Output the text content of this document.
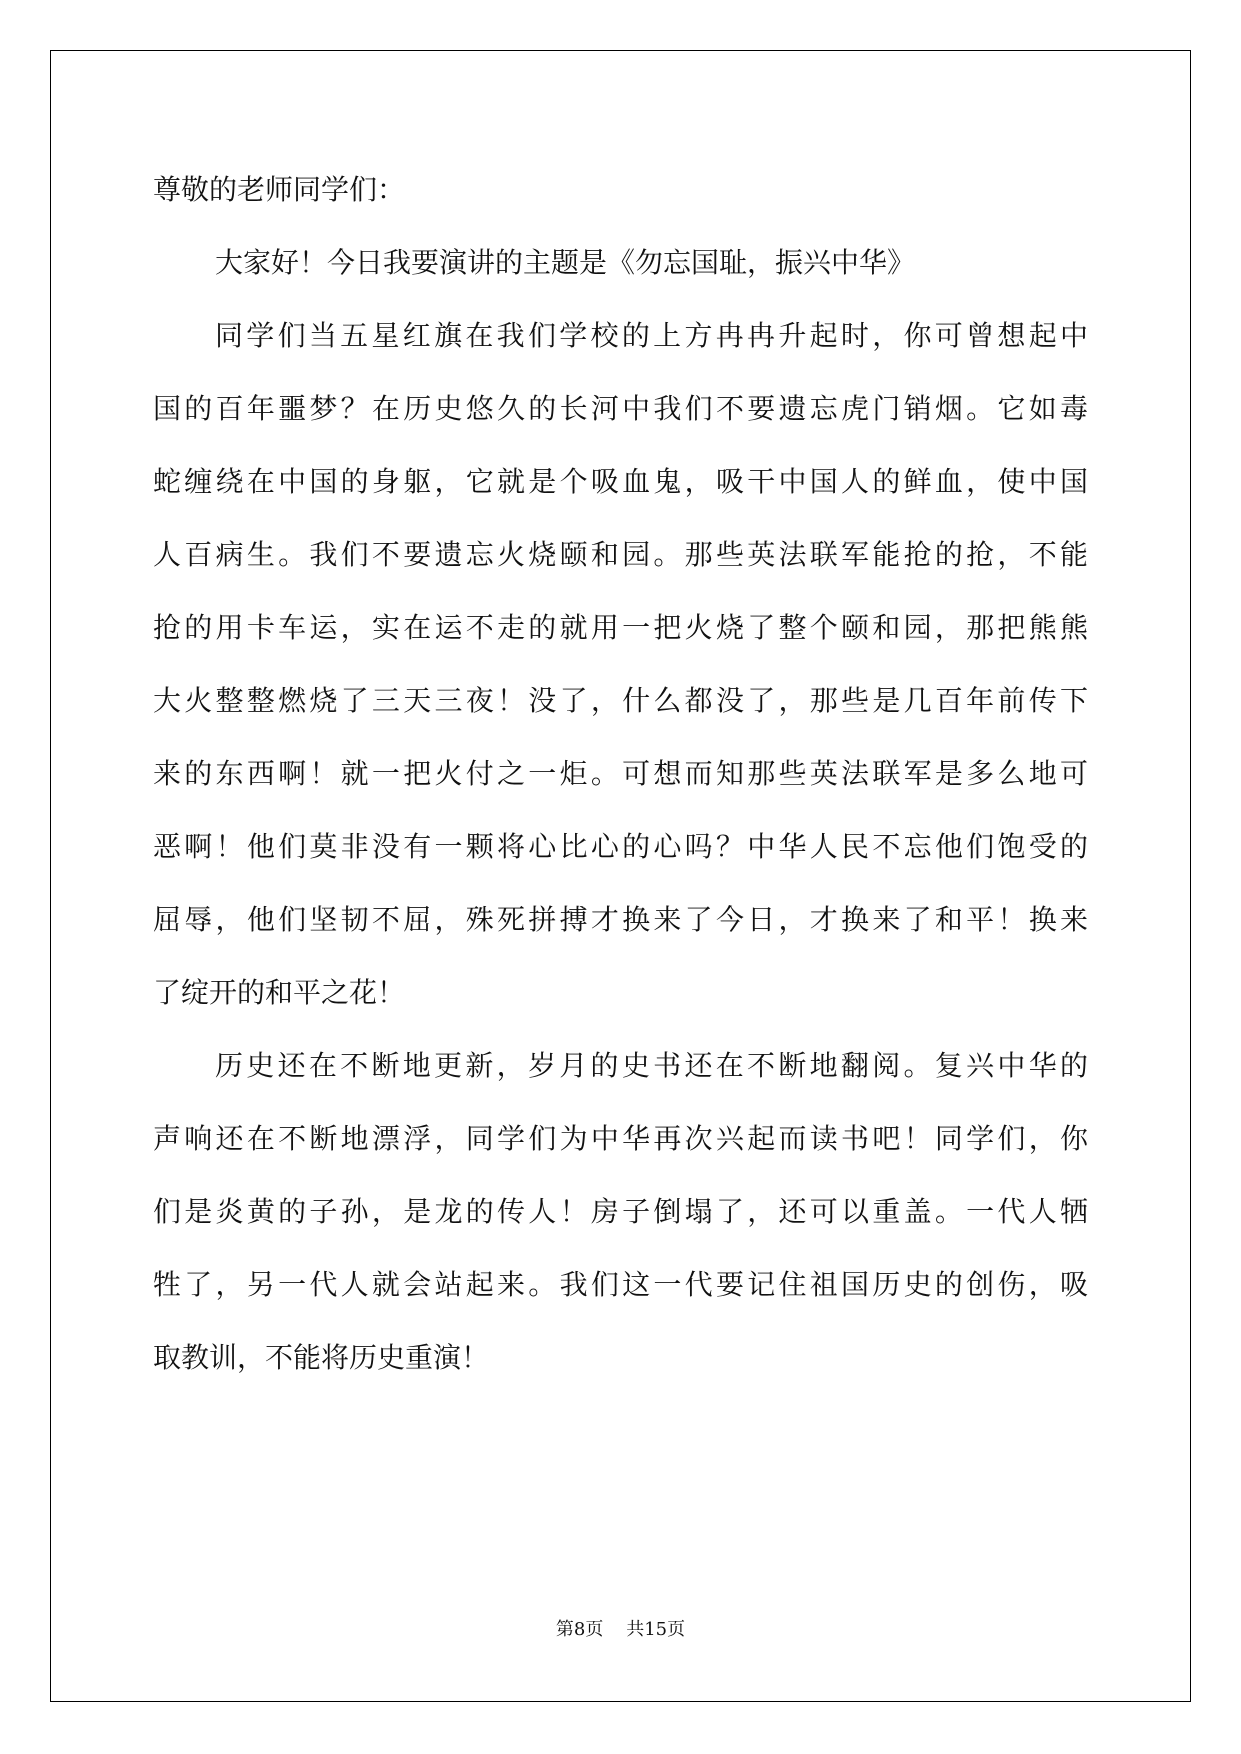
尊敬的老师同学们：
大家好！今日我要演讲的主题是《勿忘国耻，振兴中华》
同学们当五星红旗在我们学校的上方冉冉升起时，你可曾想起中
国的百年噩梦？在历史悠久的长河中我们不要遗忘虎门销烟。它如毒
蛇缠绕在中国的身躯，它就是个吸血鬼，吸干中国人的鲜血，使中国
人百病生。我们不要遗忘火烧颐和园。那些英法联军能抢的抢，不能
抢的用卡车运，实在运不走的就用一把火烧了整个颐和园，那把熊熊
大火整整燃烧了三天三夜！没了，什么都没了，那些是几百年前传下
来的东西啊！就一把火付之一炬。可想而知那些英法联军是多么地可
恶啊！他们莫非没有一颗将心比心的心吗？中华人民不忘他们饱受的
屈辱，他们坚韧不屈，殊死拼搏才换来了今日，才换来了和平！换来
了绽开的和平之花！
历史还在不断地更新，岁月的史书还在不断地翻阅。复兴中华的
声响还在不断地漂浮，同学们为中华再次兴起而读书吧！同学们，你
们是炎黄的子孙，是龙的传人！房子倒塌了，还可以重盖。一代人牺
牲了，另一代人就会站起来。我们这一代要记住祖国历史的创伤，吸
取教训，不能将历史重演！
第8页 共15页
